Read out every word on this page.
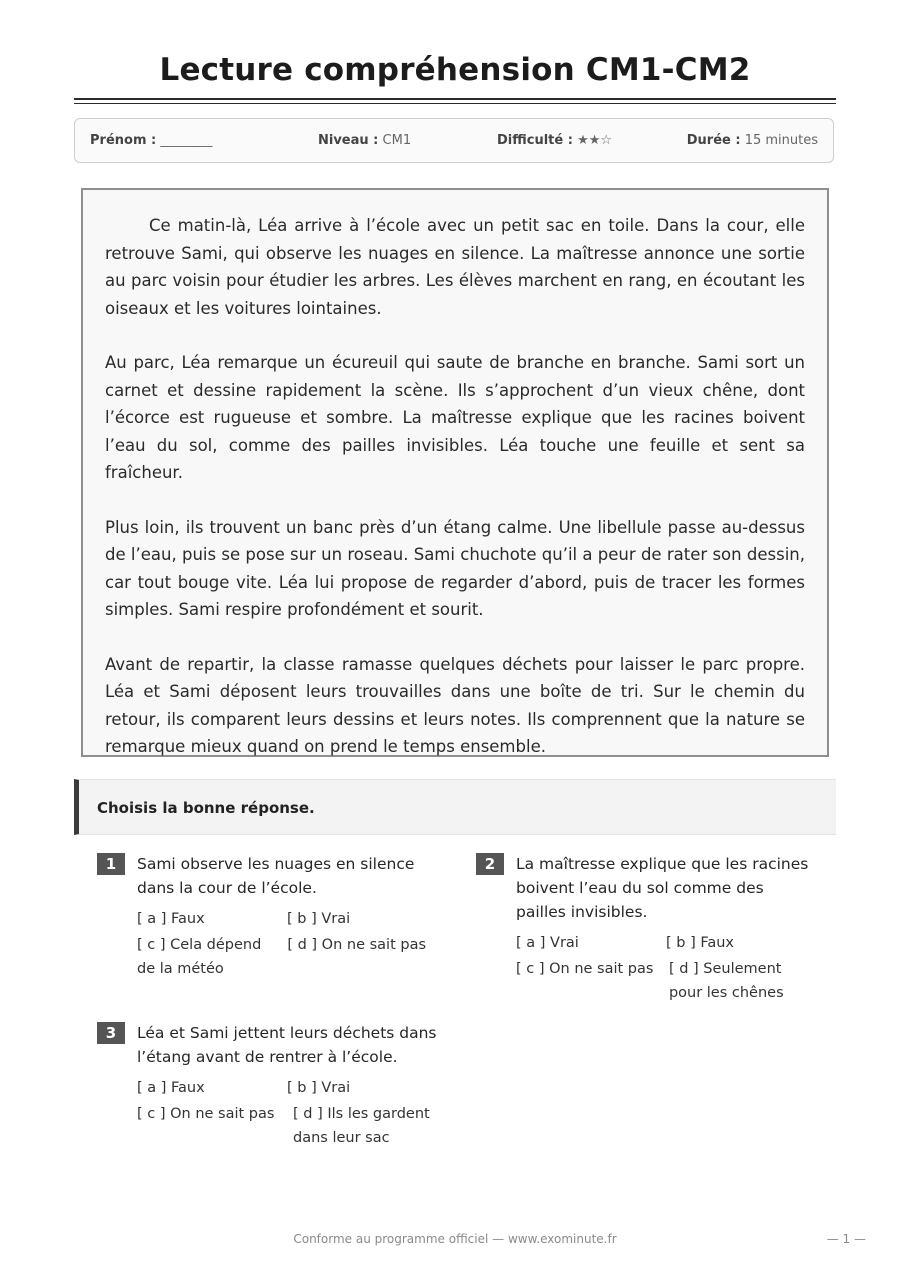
Lecture compréhension CM1-CM2
Prénom : ________	Niveau : CM1	Difficulté : ★★☆	Durée : 15 minutes

Ce matin-là, Léa arrive à l’école avec un petit sac en toile. Dans la cour, elle retrouve Sami, qui observe les nuages en silence. La maîtresse annonce une sortie au parc voisin pour étudier les arbres. Les élèves marchent en rang, en écoutant les oiseaux et les voitures lointaines.

Au parc, Léa remarque un écureuil qui saute de branche en branche. Sami sort un carnet et dessine rapidement la scène. Ils s’approchent d’un vieux chêne, dont l’écorce est rugueuse et sombre. La maîtresse explique que les racines boivent l’eau du sol, comme des pailles invisibles. Léa touche une feuille et sent sa fraîcheur.

Plus loin, ils trouvent un banc près d’un étang calme. Une libellule passe au-dessus de l’eau, puis se pose sur un roseau. Sami chuchote qu’il a peur de rater son dessin, car tout bouge vite. Léa lui propose de regarder d’abord, puis de tracer les formes simples. Sami respire profondément et sourit.

Avant de repartir, la classe ramasse quelques déchets pour laisser le parc propre. Léa et Sami déposent leurs trouvailles dans une boîte de tri. Sur le chemin du retour, ils comparent leurs dessins et leurs notes. Ils comprennent que la nature se remarque mieux quand on prend le temps ensemble.

Choisis la bonne réponse.
1	Sami observe les nuages en silence dans la cour de l’école.
[ a ] Faux	[ b ] Vrai
[ c ] Cela dépend de la météo
[ d ] On ne sait pas
2	La maîtresse explique que les racines boivent l’eau du sol comme des pailles invisibles.
[ a ] Vrai	[ b ] Faux
[ c ] On ne sait pas	[ d ] Seulement pour les chênes
3	Léa et Sami jettent leurs déchets dans l’étang avant de rentrer à l’école.
[ a ] Faux	[ b ] Vrai
[ c ] On ne sait pas	[ d ] Ils les gardent dans leur sac
Conforme au programme officiel — www.exominute.fr	— 1 —
